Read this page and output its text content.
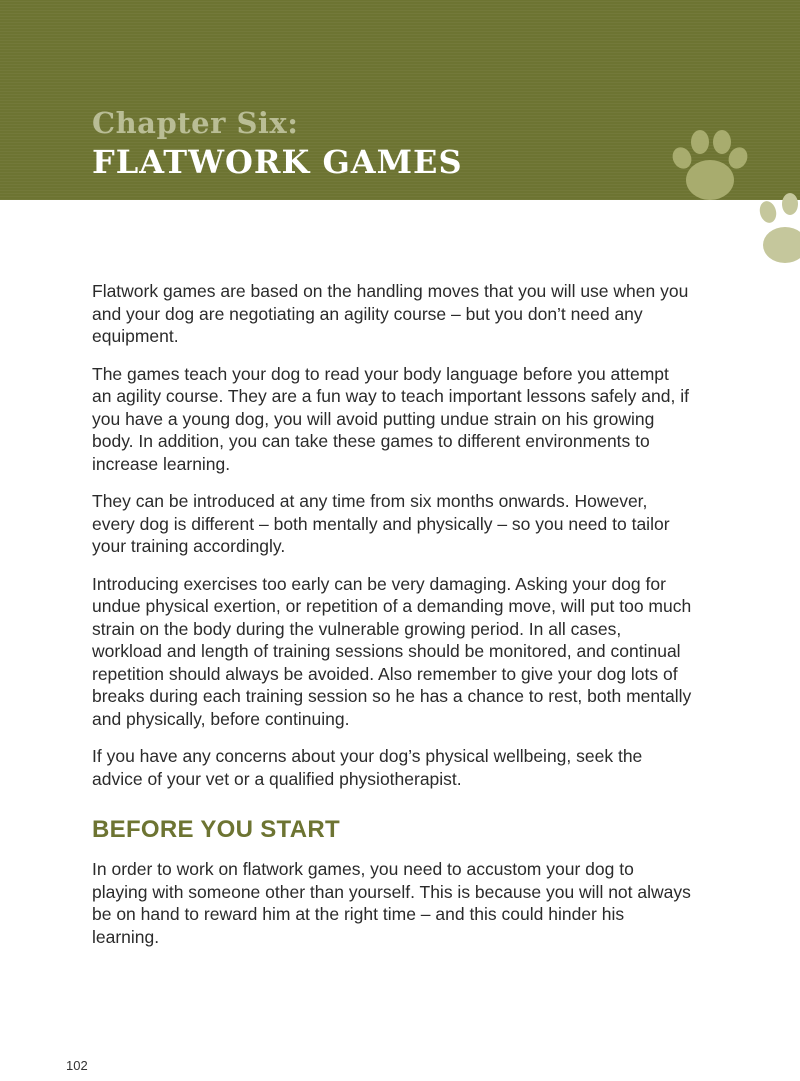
Chapter Six:
FLATWORK GAMES

Flatwork games are based on the handling moves that you will use when you and your dog are negotiating an agility course – but you don’t need any equipment.

The games teach your dog to read your body language before you attempt an agility course. They are a fun way to teach important lessons safely and, if you have a young dog, you will avoid putting undue strain on his growing body. In addition, you can take these games to different environments to increase learning.

They can be introduced at any time from six months onwards. However, every dog is different – both mentally and physically – so you need to tailor your training accordingly.

Introducing exercises too early can be very damaging. Asking your dog for undue physical exertion, or repetition of a demanding move, will put too much strain on the body during the vulnerable growing period. In all cases, workload and length of training sessions should be monitored, and continual repetition should always be avoided. Also remember to give your dog lots of breaks during each training session so he has a chance to rest, both mentally and physically, before continuing.

If you have any concerns about your dog’s physical wellbeing, seek the advice of your vet or a qualified physiotherapist.

BEFORE YOU START

In order to work on flatwork games, you need to accustom your dog to playing with someone other than yourself. This is because you will not always be on hand to reward him at the right time – and this could hinder his learning.

102
